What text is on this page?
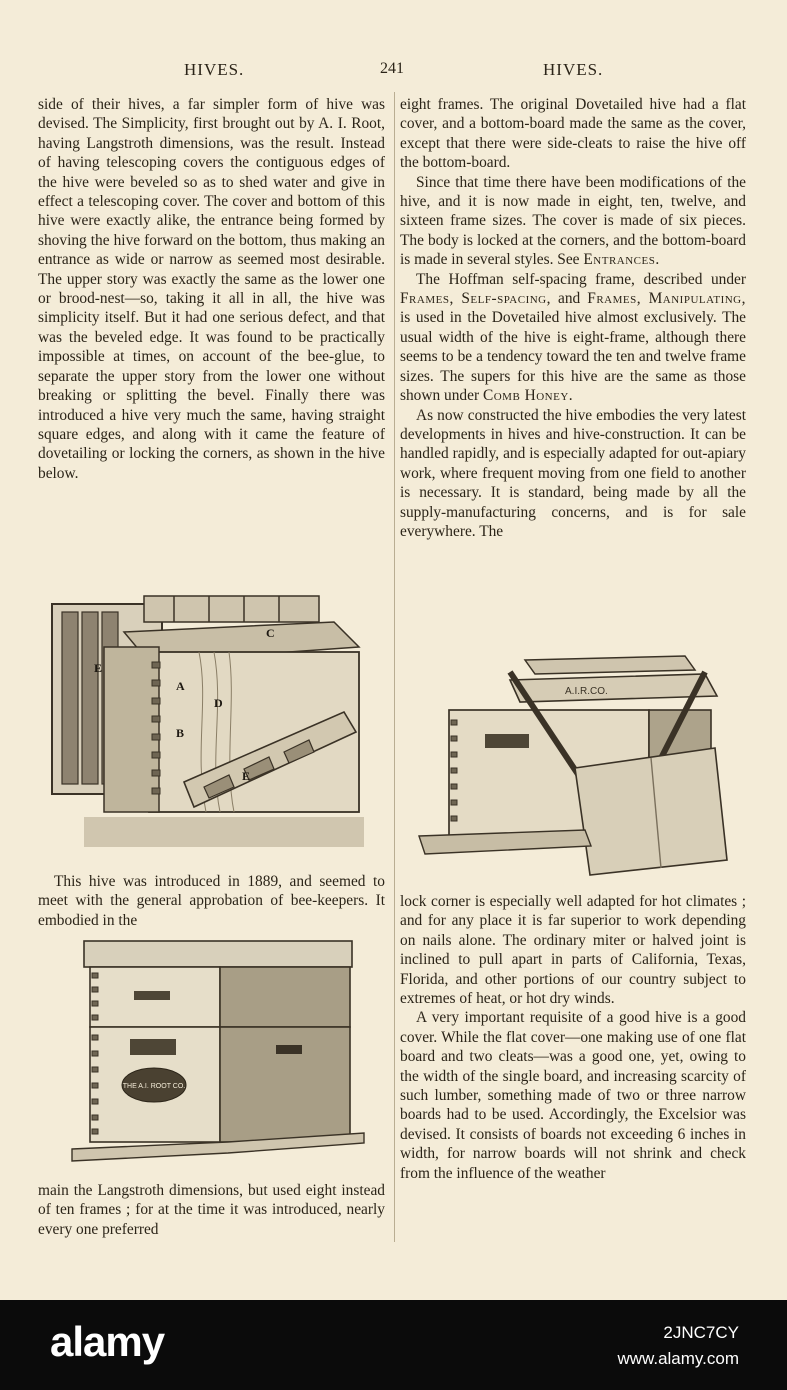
HIVES.	241	HIVES.

side of their hives, a far simpler form of hive was devised. The Simplicity, first brought out by A. I. Root, having Langstroth dimensions, was the result. Instead of having telescoping covers the contiguous edges of the hive were beveled so as to shed water and give in effect a telescoping cover. The cover and bottom of this hive were exactly alike, the entrance being formed by shoving the hive forward on the bottom, thus making an entrance as wide or narrow as seemed most desirable. The upper story was exactly the same as the lower one or brood-nest—so, taking it all in all, the hive was simplicity itself. But it had one serious defect, and that was the beveled edge. It was found to be practically impossible at times, on account of the bee-glue, to separate the upper story from the lower one without breaking or splitting the bevel. Finally there was introduced a hive very much the same, having straight square edges, and along with it came the feature of dovetailing or locking the corners, as shown in the hive below.

A
B
C
D
E
E

This hive was introduced in 1889, and seemed to meet with the general approbation of bee-keepers. It embodied in the

THE A.I. ROOT CO.

main the Langstroth dimensions, but used eight instead of ten frames ; for at the time it was introduced, nearly every one preferred

eight frames. The original Dovetailed hive had a flat cover, and a bottom-board made the same as the cover, except that there were side-cleats to raise the hive off the bottom-board.

Since that time there have been modifications of the hive, and it is now made in eight, ten, twelve, and sixteen frame sizes. The cover is made of six pieces. The body is locked at the corners, and the bottom-board is made in several styles. See Entrances.

The Hoffman self-spacing frame, described under Frames, Self-spacing, and Frames, Manipulating, is used in the Dovetailed hive almost exclusively. The usual width of the hive is eight-frame, although there seems to be a tendency toward the ten and twelve frame sizes. The supers for this hive are the same as those shown under Comb Honey.

As now constructed the hive embodies the very latest developments in hives and hive-construction. It can be handled rapidly, and is especially adapted for out-apiary work, where frequent moving from one field to another is necessary. It is standard, being made by all the supply-manufacturing concerns, and is for sale everywhere. The

A.I.R.CO.

lock corner is especially well adapted for hot climates ; and for any place it is far superior to work depending on nails alone. The ordinary miter or halved joint is inclined to pull apart in parts of California, Texas, Florida, and other portions of our country subject to extremes of heat, or hot dry winds.

A very important requisite of a good hive is a good cover. While the flat cover—one making use of one flat board and two cleats—was a good one, yet, owing to the width of the single board, and increasing scarcity of such lumber, something made of two or three narrow boards had to be used. Accordingly, the Excelsior was devised. It consists of boards not exceeding 6 inches in width, for narrow boards will not shrink and check from the influence of the weather

alamy	2JNC7CY
www.alamy.com
